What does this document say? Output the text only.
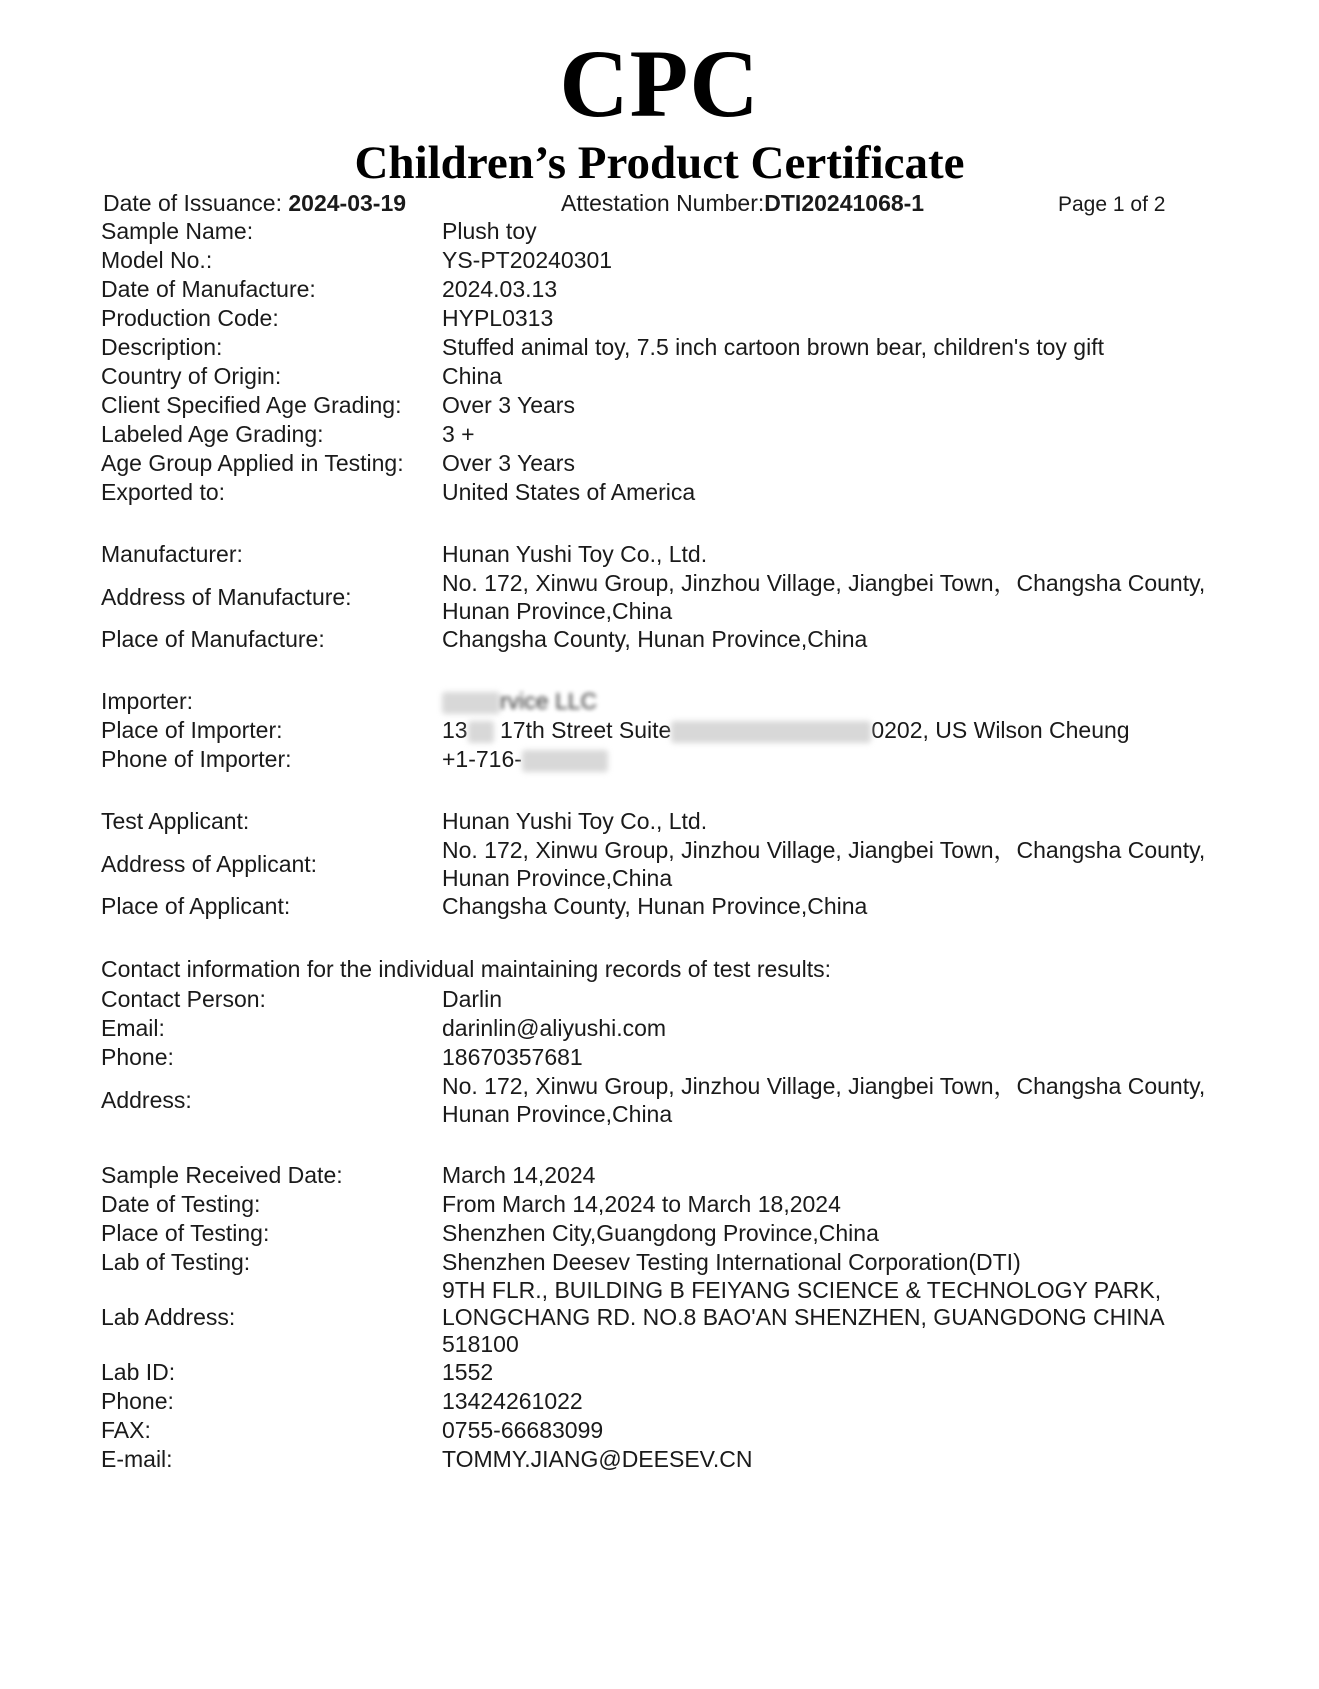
CPC
Children’s Product Certificate
Date of Issuance: 2024-03-19	Attestation Number:DTI20241068-1	Page 1 of 2
Sample Name:	Plush toy
Model No.:	YS-PT20240301
Date of Manufacture:	2024.03.13
Production Code:	HYPL0313
Description:	Stuffed animal toy, 7.5 inch cartoon brown bear, children's toy gift
Country of Origin:	China
Client Specified Age Grading:	Over 3 Years
Labeled Age Grading:	3 +
Age Group Applied in Testing:	Over 3 Years
Exported to:	United States of America
Manufacturer:	Hunan Yushi Toy Co., Ltd.
Address of Manufacture:
No. 172, Xinwu Group, Jinzhou Village, Jiangbei Town，Changsha County, Hunan Province,China
Place of Manufacture:	Changsha County, Hunan Province,China
Importer:	rvice LLC
Place of Importer:	13 17th Street Suite	0202, US Wilson Cheung
Phone of Importer:	+1-716-
Test Applicant:	Hunan Yushi Toy Co., Ltd.
Address of Applicant:
No. 172, Xinwu Group, Jinzhou Village, Jiangbei Town，Changsha County, Hunan Province,China
Place of Applicant:	Changsha County, Hunan Province,China
Contact information for the individual maintaining records of test results:
Contact Person:	Darlin
Email:	darinlin@aliyushi.com
Phone:	18670357681
Address:
No. 172, Xinwu Group, Jinzhou Village, Jiangbei Town，Changsha County, Hunan Province,China
Sample Received Date:	March 14,2024
Date of Testing:	From March 14,2024 to March 18,2024
Place of Testing:	Shenzhen City,Guangdong Province,China
Lab of Testing:	Shenzhen Deesev Testing International Corporation(DTI)
Lab Address:
9TH FLR., BUILDING B FEIYANG SCIENCE & TECHNOLOGY PARK, LONGCHANG RD. NO.8 BAO'AN SHENZHEN, GUANGDONG CHINA 518100
Lab ID:	1552
Phone:	13424261022
FAX:	0755-66683099
E-mail:	TOMMY.JIANG@DEESEV.CN
